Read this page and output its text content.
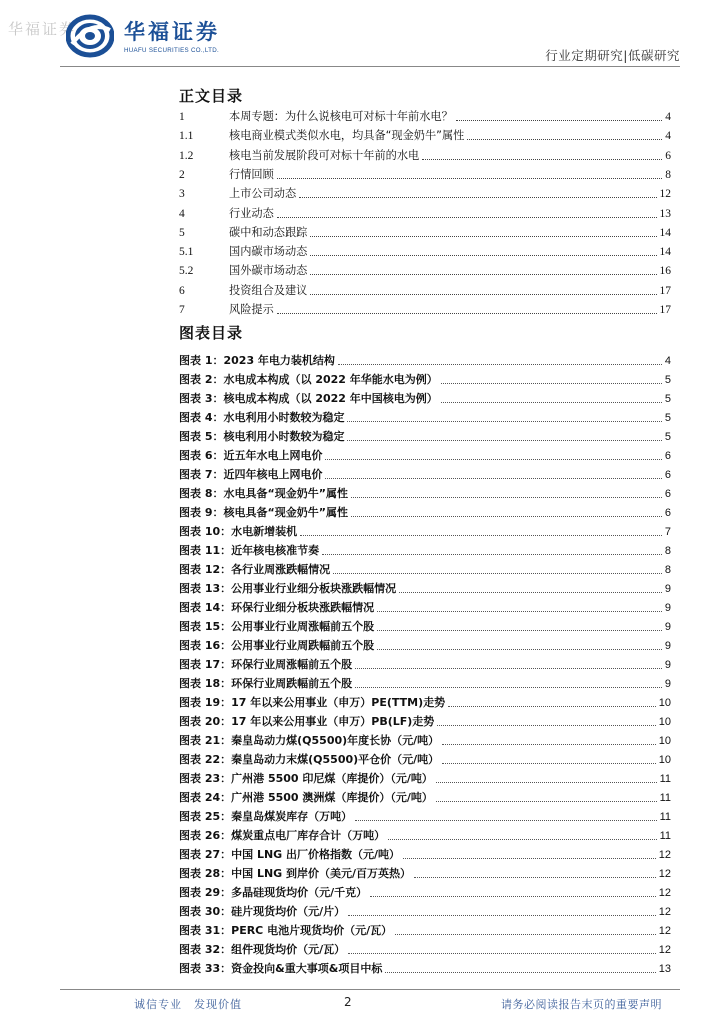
华福证券 华福证券
HUAFU SECURITIES CO.,LTD.	行业定期研究|低碳研究
正文目录
1	本周专题：为什么说核电可对标十年前水电？	4
1.1	核电商业模式类似水电，均具备“现金奶牛”属性	4
1.2	核电当前发展阶段可对标十年前的水电	6
2	行情回顾	8
3	上市公司动态	12
4	行业动态	13
5	碳中和动态跟踪	14
5.1	国内碳市场动态	14
5.2	国外碳市场动态	16
6	投资组合及建议	17
7	风险提示	17
图表目录
图表 1： 2023 年电力装机结构	4
图表 2： 水电成本构成（以 2022 年华能水电为例）	5
图表 3： 核电成本构成（以 2022 年中国核电为例）	5
图表 4： 水电利用小时数较为稳定	5
图表 5： 核电利用小时数较为稳定	5
图表 6： 近五年水电上网电价	6
图表 7： 近四年核电上网电价	6
图表 8： 水电具备“现金奶牛”属性	6
图表 9： 核电具备“现金奶牛”属性	6
图表 10： 水电新增装机	7
图表 11： 近年核电核准节奏	8
图表 12： 各行业周涨跌幅情况	8
图表 13： 公用事业行业细分板块涨跌幅情况	9
图表 14： 环保行业细分板块涨跌幅情况	9
图表 15： 公用事业行业周涨幅前五个股	9
图表 16： 公用事业行业周跌幅前五个股	9
图表 17： 环保行业周涨幅前五个股	9
图表 18： 环保行业周跌幅前五个股	9
图表 19： 17 年以来公用事业（申万）PE(TTM)走势	10
图表 20： 17 年以来公用事业（申万）PB(LF)走势	10
图表 21： 秦皇岛动力煤(Q5500)年度长协（元/吨）	10
图表 22： 秦皇岛动力末煤(Q5500)平仓价（元/吨）	10
图表 23： 广州港 5500 印尼煤（库提价）（元/吨）	11
图表 24： 广州港 5500 澳洲煤（库提价）（元/吨）	11
图表 25： 秦皇岛煤炭库存（万吨）	11
图表 26： 煤炭重点电厂库存合计（万吨）	11
图表 27： 中国 LNG 出厂价格指数（元/吨）	12
图表 28： 中国 LNG 到岸价（美元/百万英热）	12
图表 29： 多晶硅现货均价（元/千克）	12
图表 30： 硅片现货均价（元/片）	12
图表 31： PERC 电池片现货均价（元/瓦）	12
图表 32： 组件现货均价（元/瓦）	12
图表 33： 资金投向&重大事项&项目中标	13
诚信专业　发现价值	2	请务必阅读报告末页的重要声明
